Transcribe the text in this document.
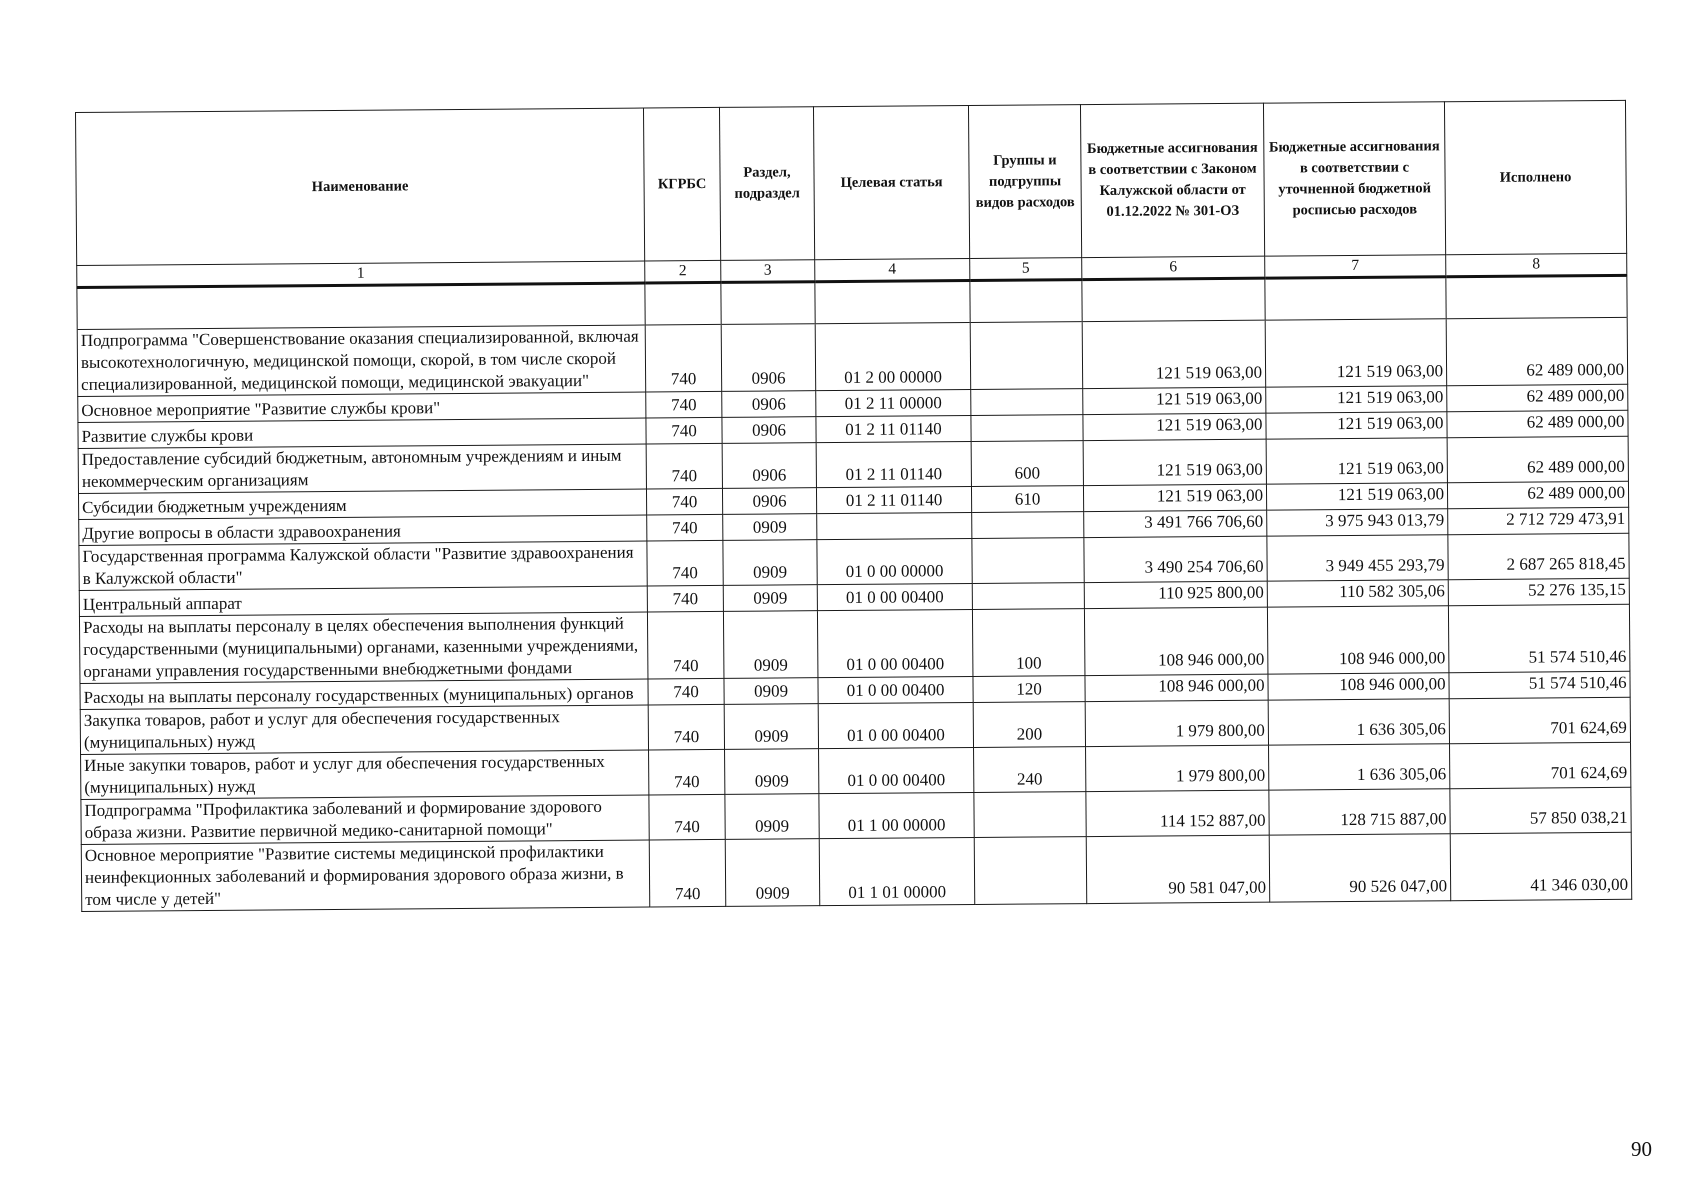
Наименование	КГРБС	Раздел, подраздел	Целевая статья	Группы и подгруппы видов расходов	Бюджетные ассигнования в соответствии с Законом Калужской области от 01.12.2022 № 301-ОЗ	Бюджетные ассигнования в соответствии с уточненной бюджетной росписью расходов	Исполнено
1	2	3	4	5	6	7	8

Подпрограмма "Совершенствование оказания специализированной, включая высокотехнологичную, медицинской помощи, скорой, в том числе скорой специализированной, медицинской помощи, медицинской эвакуации"	740	0906	01 2 00 00000		121 519 063,00	121 519 063,00	62 489 000,00
Основное мероприятие "Развитие службы крови"	740	0906	01 2 11 00000		121 519 063,00	121 519 063,00	62 489 000,00
Развитие службы крови	740	0906	01 2 11 01140		121 519 063,00	121 519 063,00	62 489 000,00
Предоставление субсидий бюджетным, автономным учреждениям и иным некоммерческим организациям	740	0906	01 2 11 01140	600	121 519 063,00	121 519 063,00	62 489 000,00
Субсидии бюджетным учреждениям	740	0906	01 2 11 01140	610	121 519 063,00	121 519 063,00	62 489 000,00
Другие вопросы в области здравоохранения	740	0909			3 491 766 706,60	3 975 943 013,79	2 712 729 473,91
Государственная программа Калужской области "Развитие здравоохранения в Калужской области"	740	0909	01 0 00 00000		3 490 254 706,60	3 949 455 293,79	2 687 265 818,45
Центральный аппарат	740	0909	01 0 00 00400		110 925 800,00	110 582 305,06	52 276 135,15
Расходы на выплаты персоналу в целях обеспечения выполнения функций государственными (муниципальными) органами, казенными учреждениями, органами управления государственными внебюджетными фондами	740	0909	01 0 00 00400	100	108 946 000,00	108 946 000,00	51 574 510,46
Расходы на выплаты персоналу государственных (муниципальных) органов	740	0909	01 0 00 00400	120	108 946 000,00	108 946 000,00	51 574 510,46
Закупка товаров, работ и услуг для обеспечения государственных (муниципальных) нужд	740	0909	01 0 00 00400	200	1 979 800,00	1 636 305,06	701 624,69
Иные закупки товаров, работ и услуг для обеспечения государственных (муниципальных) нужд	740	0909	01 0 00 00400	240	1 979 800,00	1 636 305,06	701 624,69
Подпрограмма "Профилактика заболеваний и формирование здорового образа жизни. Развитие первичной медико-санитарной помощи"	740	0909	01 1 00 00000		114 152 887,00	128 715 887,00	57 850 038,21
Основное мероприятие "Развитие системы медицинской профилактики неинфекционных заболеваний и формирования здорового образа жизни, в том числе у детей"	740	0909	01 1 01 00000		90 581 047,00	90 526 047,00	41 346 030,00
90
